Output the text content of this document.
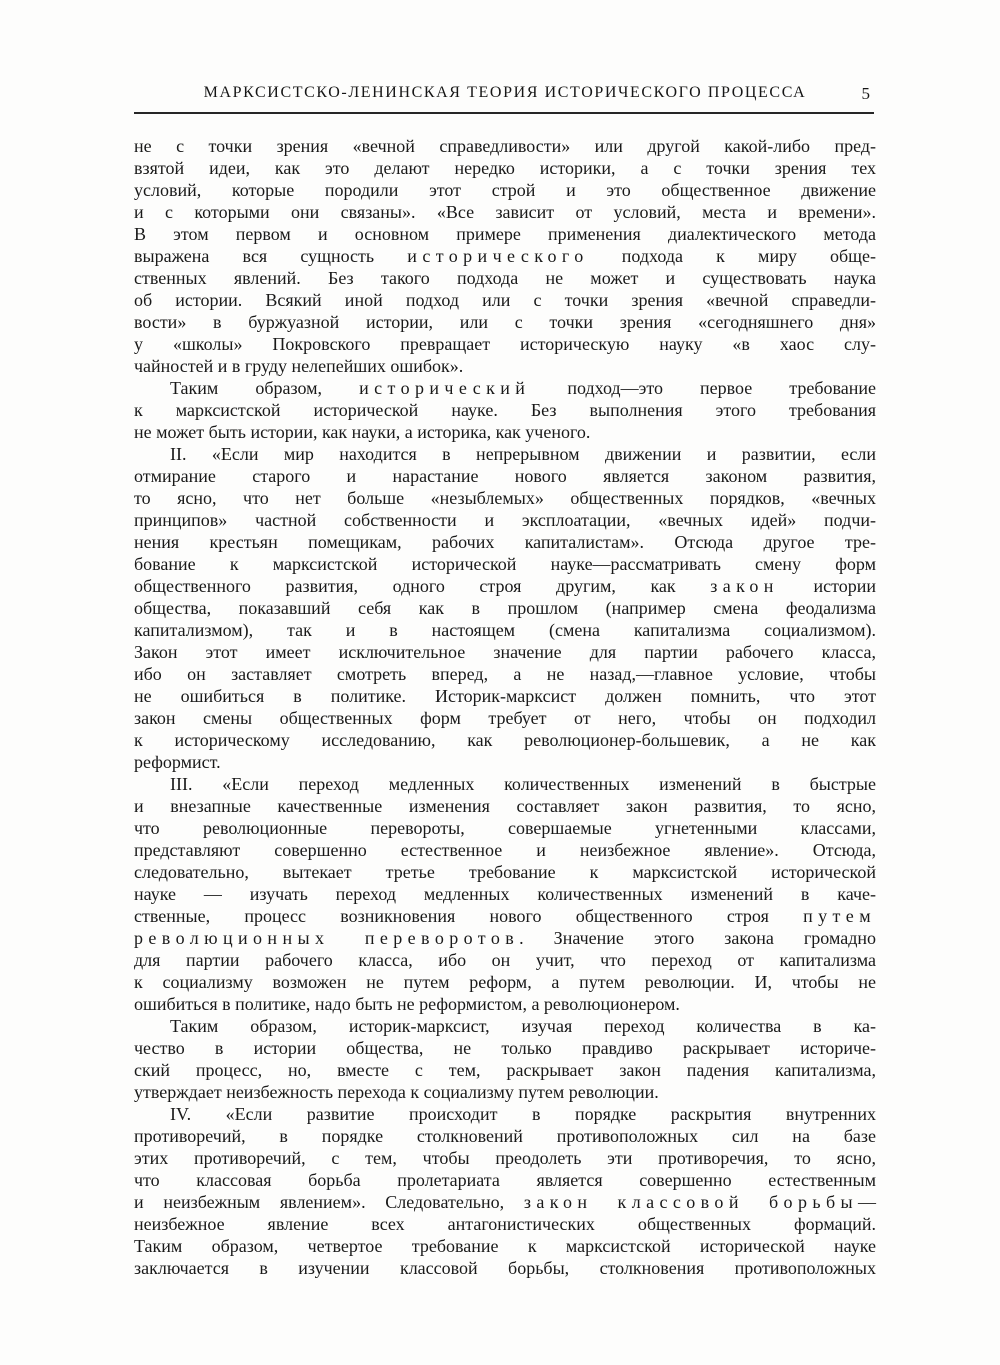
МАРКСИСТСКО-ЛЕНИНСКАЯ ТЕОРИЯ ИСТОРИЧЕСКОГО ПРОЦЕССА	5
не с точки зрения «вечной справедливости» или другой какой-либо пред-
взятой идеи, как это делают нередко историки, а с точки зрения тех
условий, которые породили этот строй и это общественное движение
и с которыми они связаны». «Все зависит от условий, места и времени».
В этом первом и основном примере применения диалектического метода
выражена вся сущность исторического подхода к миру обще-
ственных явлений. Без такого подхода не может и существовать наука
об истории. Всякий иной подход или с точки зрения «вечной справедли-
вости» в буржуазной истории, или с точки зрения «сегодняшнего дня»
у «школы» Покровского превращает историческую науку «в хаос слу-
чайностей и в груду нелепейших ошибок».
Таким образом, исторический подход—это первое требование
к марксистской исторической науке. Без выполнения этого требования
не может быть истории, как науки, а историка, как ученого.
II. «Если мир находится в непрерывном движении и развитии, если
отмирание старого и нарастание нового является законом развития,
то ясно, что нет больше «незыблемых» общественных порядков, «вечных
принципов» частной собственности и эксплоатации, «вечных идей» подчи-
нения крестьян помещикам, рабочих капиталистам». Отсюда другое тре-
бование к марксистской исторической науке—рассматривать смену форм
общественного развития, одного строя другим, как закон истории
общества, показавший себя как в прошлом (например смена феодализма
капитализмом), так и в настоящем (смена капитализма социализмом).
Закон этот имеет исключительное значение для партии рабочего класса,
ибо он заставляет смотреть вперед, а не назад,—главное условие, чтобы
не ошибиться в политике. Историк-марксист должен помнить, что этот
закон смены общественных форм требует от него, чтобы он подходил
к историческому исследованию, как революционер-большевик, а не как
реформист.
III. «Если переход медленных количественных изменений в быстрые
и внезапные качественные изменения составляет закон развития, то ясно,
что революционные перевороты, совершаемые угнетенными классами,
представляют совершенно естественное и неизбежное явление». Отсюда,
следовательно, вытекает третье требование к марксистской исторической
науке — изучать переход медленных количественных изменений в каче-
ственные, процесс возникновения нового общественного строя путем
революционных переворотов. Значение этого закона громадно
для партии рабочего класса, ибо он учит, что переход от капитализма
к социализму возможен не путем реформ, а путем революции. И, чтобы не
ошибиться в политике, надо быть не реформистом, а революционером.
Таким образом, историк-марксист, изучая переход количества в ка-
чество в истории общества, не только правдиво раскрывает историче-
ский процесс, но, вместе с тем, раскрывает закон падения капитализма,
утверждает неизбежность перехода к социализму путем революции.
IV. «Если развитие происходит в порядке раскрытия внутренних
противоречий, в порядке столкновений противоположных сил на базе
этих противоречий, с тем, чтобы преодолеть эти противоречия, то ясно,
что классовая борьба пролетариата является совершенно естественным
и неизбежным явлением». Следовательно, закон классовой борьбы—
неизбежное явление всех антагонистических общественных формаций.
Таким образом, четвертое требование к марксистской исторической науке
заключается в изучении классовой борьбы, столкновения противоположных
